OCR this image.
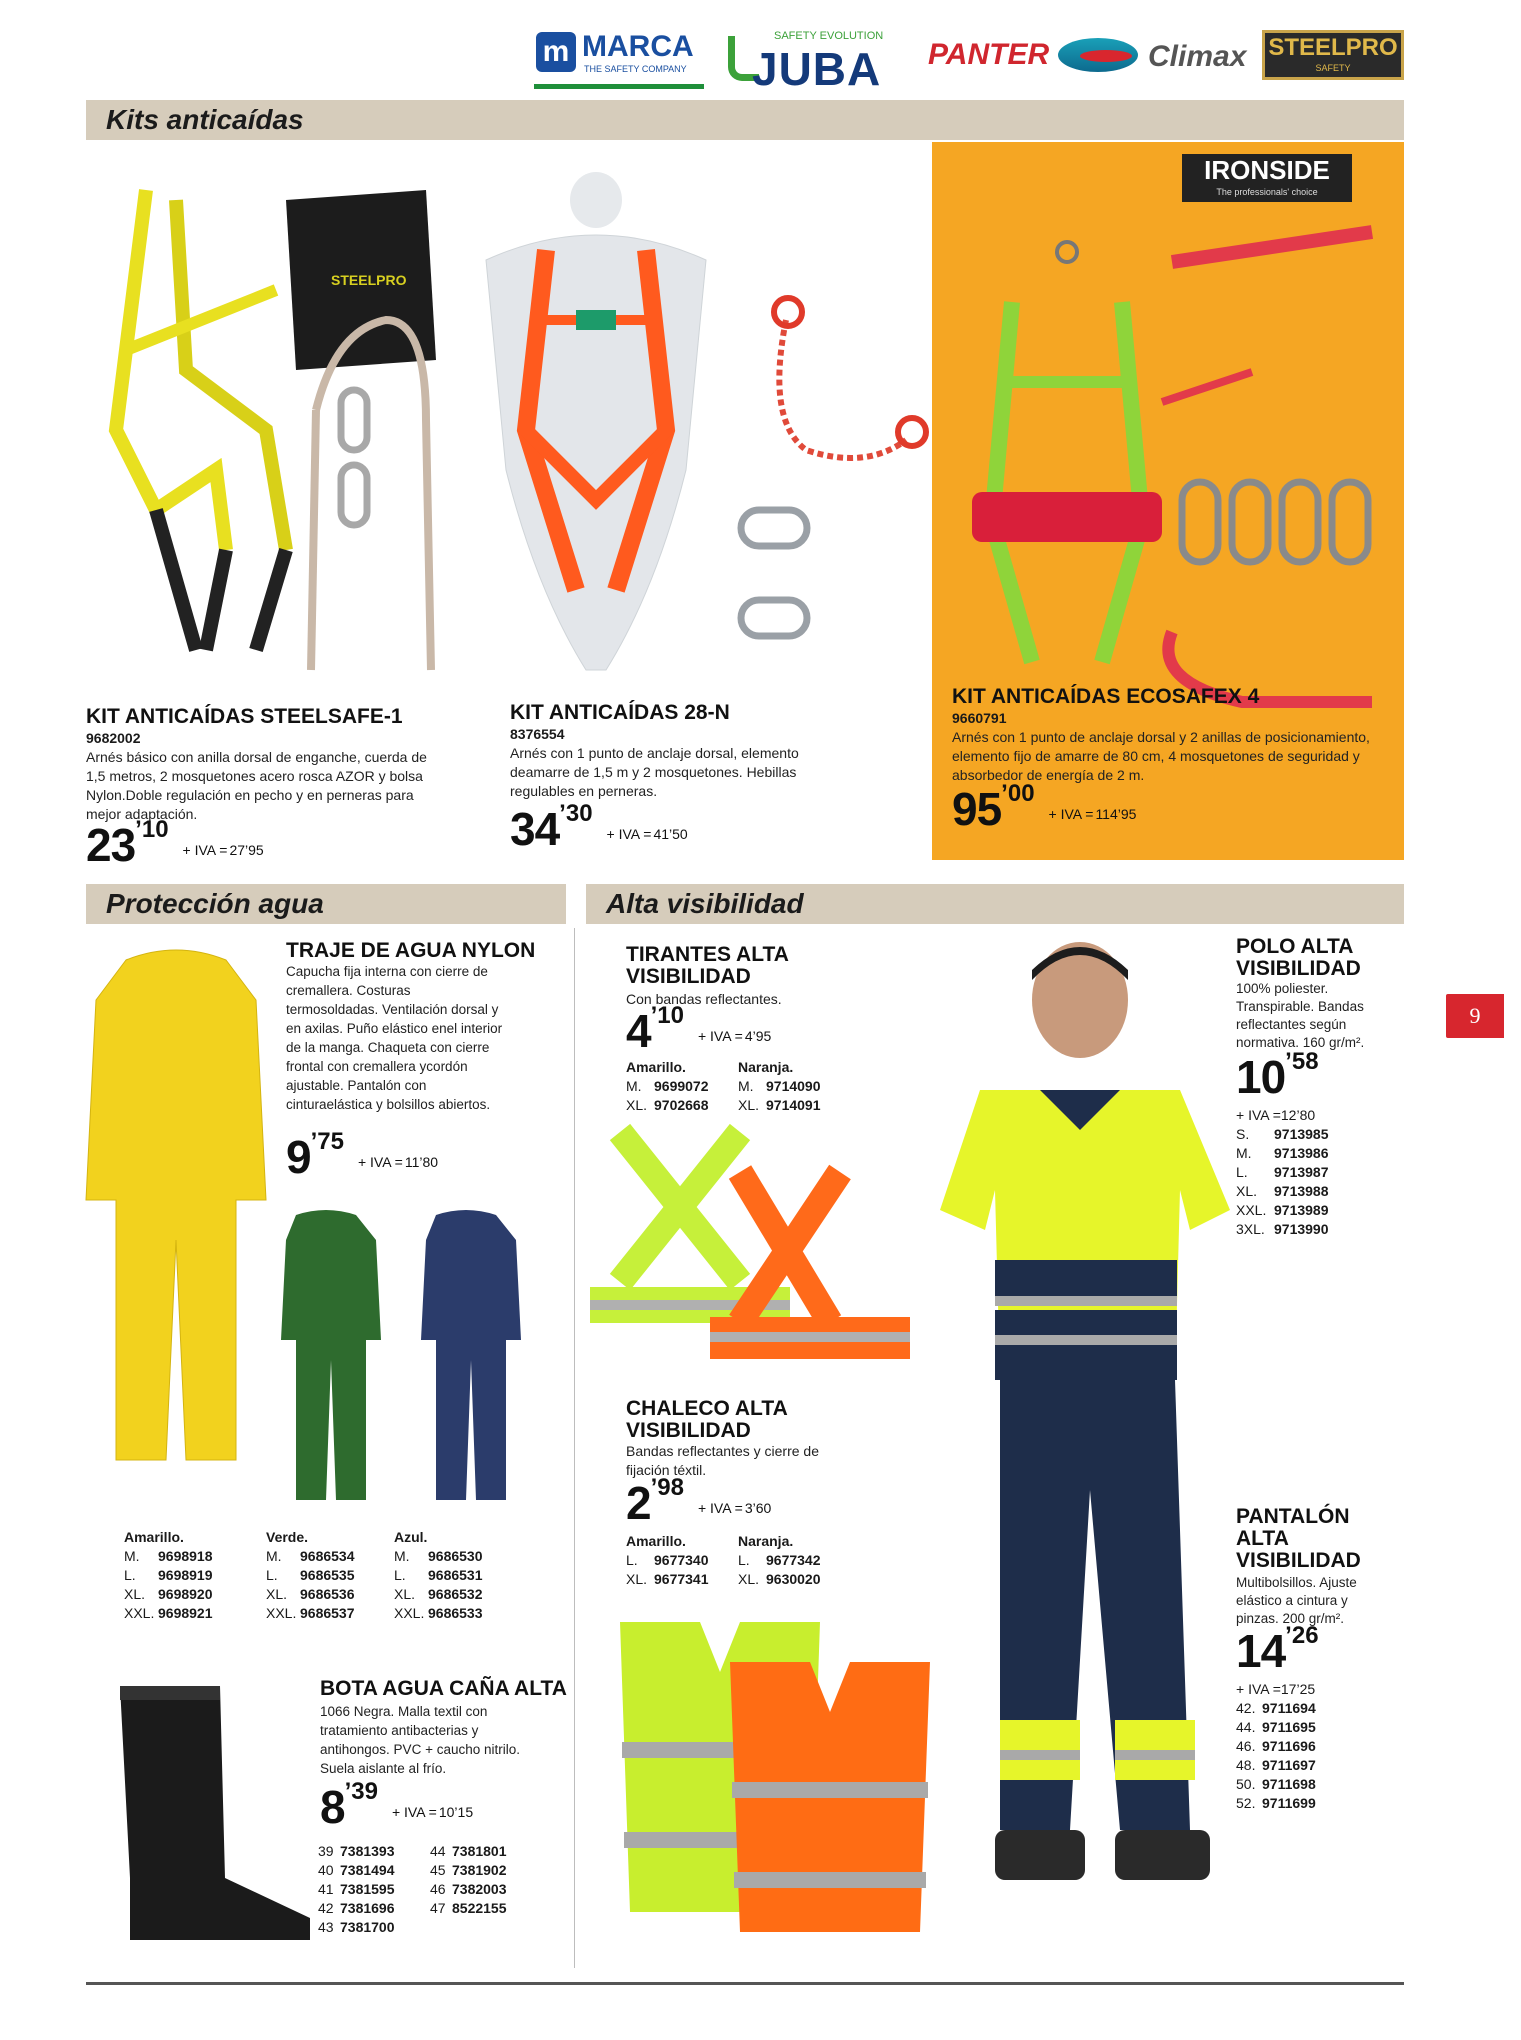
m MARCA
THE SAFETY COMPANY
SAFETY EVOLUTION
JUBA PANTER	Climax STEELPRO
SAFETY
Kits anticaídas
STEELPRO
KIT ANTICAÍDAS STEELSAFE-1
9682002
Arnés básico con anilla dorsal de enganche, cuerda de 1,5 metros, 2 mosquetones acero rosca AZOR y bolsa Nylon.Doble regulación en pecho y en perneras para mejor adaptación.
23’10+ IVA = 27’95
KIT ANTICAÍDAS 28-N
8376554
Arnés con 1 punto de anclaje dorsal, elemento deamarre de 1,5 m y 2 mosquetones. Hebillas regulables en perneras.
34’30+ IVA = 41’50
IRONSIDE
The professionals' choice
KIT ANTICAÍDAS ECOSAFEX 4
9660791
Arnés con 1 punto de anclaje dorsal y 2 anillas de posicionamiento, elemento fijo de amarre de 80 cm, 4 mosquetones de seguridad y absorbedor de energía de 2 m.
95’00+ IVA = 114’95
Protección agua
TRAJE DE AGUA NYLON
Capucha fija interna con cierre de cremallera. Costuras termosoldadas. Ventilación dorsal y en axilas. Puño elástico enel interior de la manga. Chaqueta con cierre frontal con cremallera ycordón ajustable. Pantalón con cinturaelástica y bolsillos abiertos.
9’75+ IVA = 11’80
Amarillo.
M. 9698918
L. 9698919
XL. 9698920
XXL. 9698921
Verde.
M. 9686534
L. 9686535
XL. 9686536
XXL. 9686537
Azul.
M. 9686530
L. 9686531
XL. 9686532
XXL. 9686533
BOTA AGUA CAÑA ALTA
1066 Negra. Malla textil con tratamiento antibacterias y antihongos. PVC + caucho nitrilo. Suela aislante al frío.
8’39+ IVA = 10’15
39 7381393
40 7381494
41 7381595
42 7381696
43 7381700
44 7381801
45 7381902
46 7382003
47 8522155
Alta visibilidad
TIRANTES ALTA VISIBILIDAD
Con bandas reflectantes.
4’10+ IVA = 4’95
Amarillo.
M. 9699072
XL. 9702668
Naranja.
M. 9714090
XL. 9714091
CHALECO ALTA VISIBILIDAD
Bandas reflectantes y cierre de fijación téxtil.
2’98+ IVA = 3’60
Amarillo.
L. 9677340
XL. 9677341
Naranja.
L. 9677342
XL. 9630020
POLO ALTA VISIBILIDAD
100% poliester. Transpirable. Bandas reflectantes según normativa. 160 gr/m².
10’58
+ IVA =12’80
S. 9713985
M. 9713986
L. 9713987
XL. 9713988
XXL. 9713989
3XL. 9713990
PANTALÓN ALTA VISIBILIDAD
Multibolsillos. Ajuste elástico a cintura y pinzas. 200 gr/m².
14’26
+ IVA =17’25
42. 9711694
44. 9711695
46. 9711696
48. 9711697
50. 9711698
52. 9711699
9
